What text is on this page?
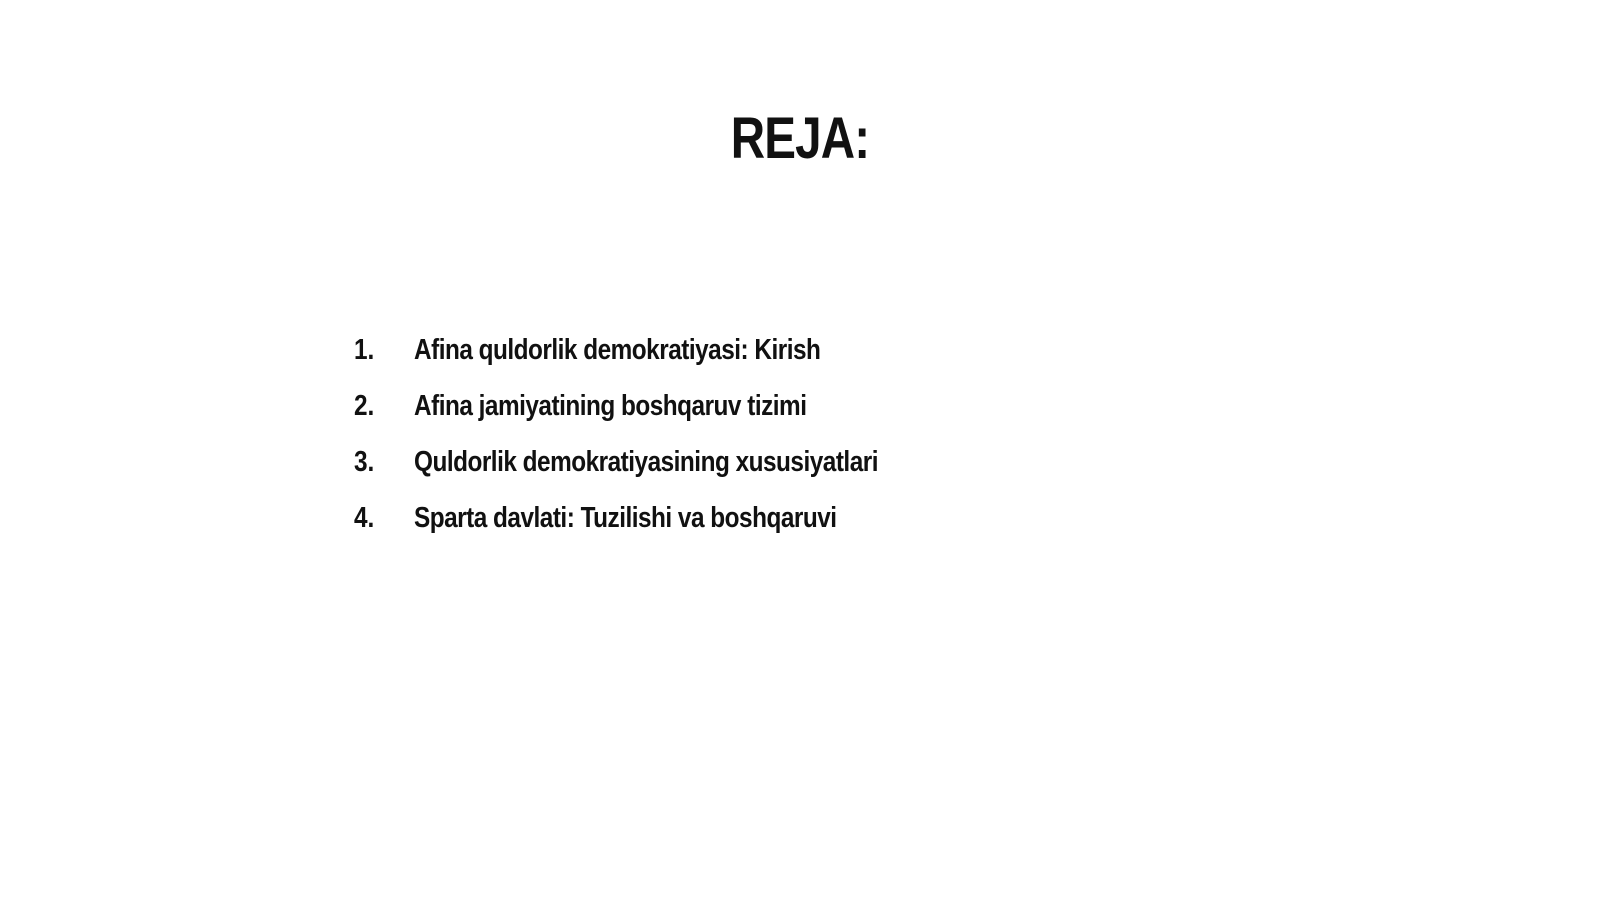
REJA:
1.	Afina quldorlik demokratiyasi: Kirish
2.	Afina jamiyatining boshqaruv tizimi
3.	Quldorlik demokratiyasining xususiyatlari
4.	Sparta davlati: Tuzilishi va boshqaruvi
